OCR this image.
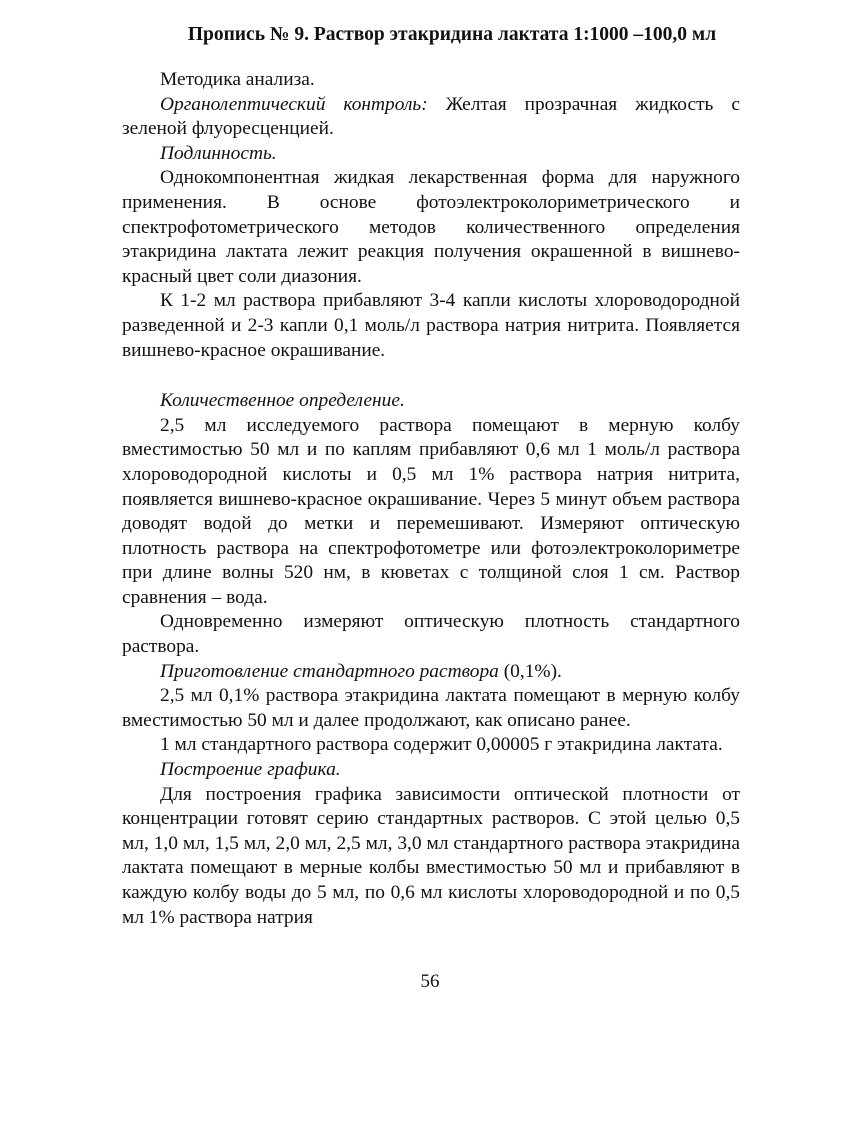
Пропись № 9. Раствор этакридина лактата 1:1000 –100,0 мл

Методика анализа.

Органолептический контроль: Желтая прозрачная жидкость с зеленой флуоресценцией.

Подлинность.

Однокомпонентная жидкая лекарственная форма для наружного применения. В основе фотоэлектроколориметрического и спектрофотометрического методов количественного определения этакридина лактата лежит реакция получения окрашенной в вишнево-красный цвет соли диазония.

К 1-2 мл раствора прибавляют 3-4 капли кислоты хлороводородной разведенной и 2-3 капли 0,1 моль/л раствора натрия нитрита. Появляется вишнево-красное окрашивание.

Количественное определение.

2,5 мл исследуемого раствора помещают в мерную колбу вместимостью 50 мл и по каплям прибавляют 0,6 мл 1 моль/л раствора хлороводородной кислоты и 0,5 мл 1% раствора натрия нитрита, появляется вишнево-красное окрашивание. Через 5 минут объем раствора доводят водой до метки и перемешивают. Измеряют оптическую плотность раствора на спектрофотометре или фотоэлектроколориметре при длине волны 520 нм, в кюветах с толщиной слоя 1 см. Раствор сравнения – вода.

Одновременно измеряют оптическую плотность стандартного раствора.

Приготовление стандартного раствора (0,1%).

2,5 мл 0,1% раствора этакридина лактата помещают в мерную колбу вместимостью 50 мл и далее продолжают, как описано ранее.

1 мл стандартного раствора содержит 0,00005 г этакридина лактата.

Построение графика.

Для построения графика зависимости оптической плотности от концентрации готовят серию стандартных растворов. С этой целью 0,5 мл, 1,0 мл, 1,5 мл, 2,0 мл, 2,5 мл, 3,0 мл стандартного раствора этакридина лактата помещают в мерные колбы вместимостью 50 мл и прибавляют в каждую колбу воды до 5 мл, по 0,6 мл кислоты хлороводородной и по 0,5 мл 1% раствора натрия

56
